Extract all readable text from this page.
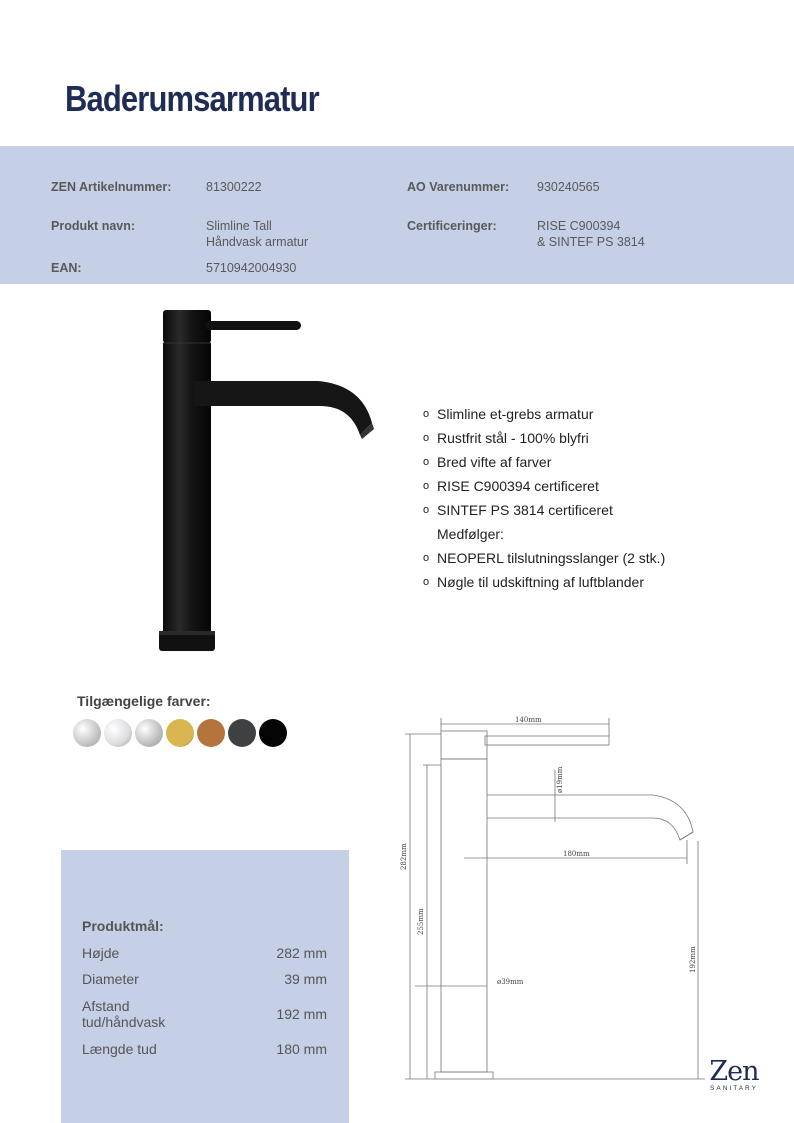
Baderumsarmatur
ZEN Artikelnummer:	81300222	AO Varenummer: 930240565
Produkt navn:	Slimline Tall
Håndvask armatur
Certificeringer:	RISE C900394
& SINTEF PS 3814
EAN:	5710942004930
o Slimline et-grebs armatur
o Rustfrit stål - 100% blyfri
o Bred vifte af farver
o RISE C900394 certificeret
o SINTEF PS 3814 certificeret
Medfølger:
o NEOPERL tilslutningsslanger (2 stk.)
o Nøgle til udskiftning af luftblander
Tilgængelige farver:
140mm
ø19mm
180mm
282mm
255mm
ø39mm
192mm
Produktmål:
Højde	282 mm
Diameter	39 mm
Afstand
tud/håndvask	192 mm
Længde tud	180 mm
Zen
SANITARY
